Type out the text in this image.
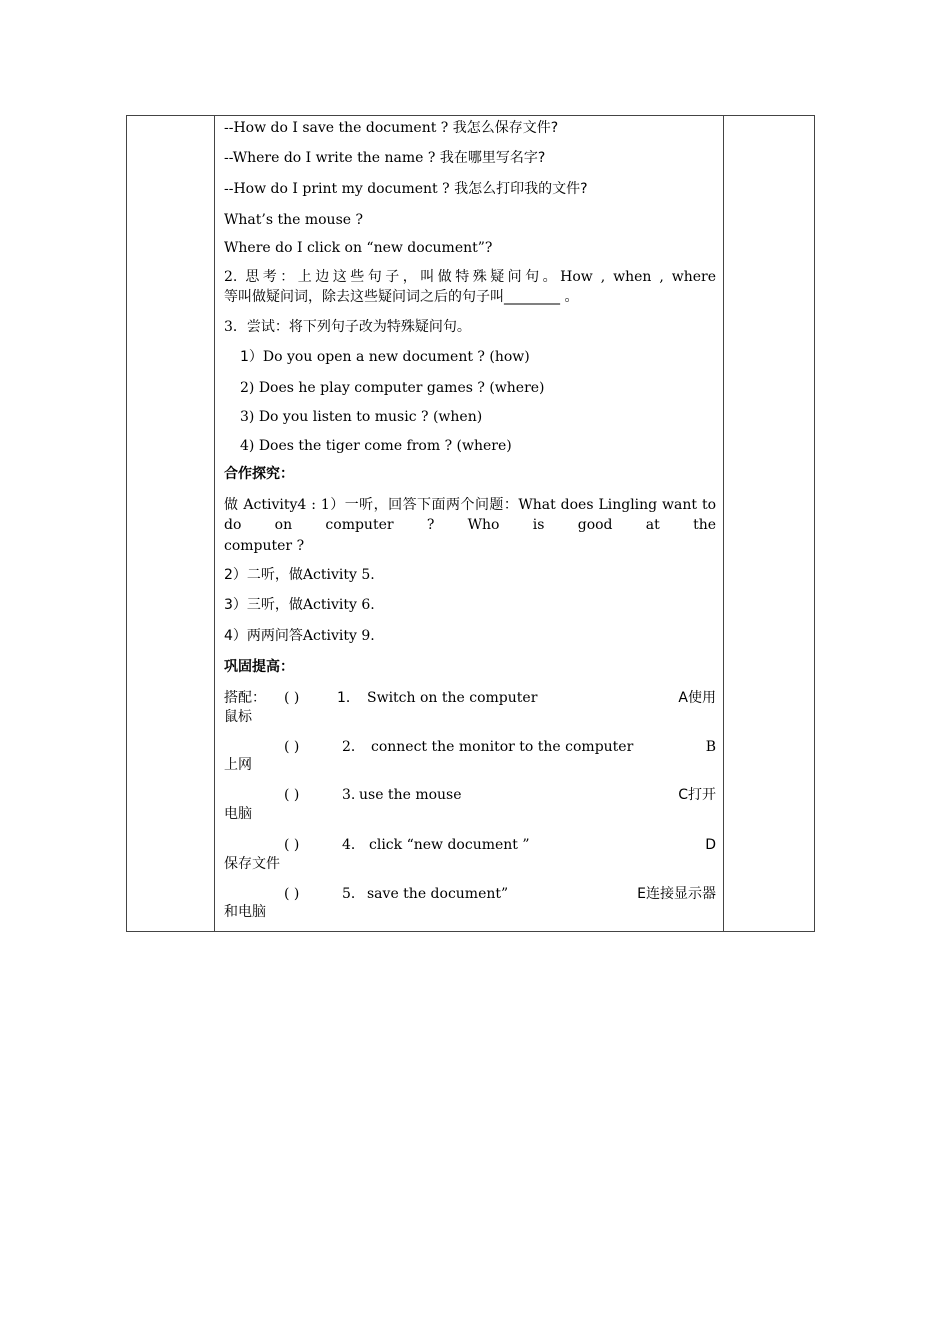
--How do I save the document ? 我怎么保存文件?
--Where do I write the name ? 我在哪里写名字?
--How do I print my document ? 我怎么打印我的文件?
What’s the mouse ?
Where do I click on “new document”?
2. 思考：上边这些句子，叫做特殊疑问句。How , when , where
等叫做疑问词，除去这些疑问词之后的句子叫________ 。
3．尝试：将下列句子改为特殊疑问句。
1）Do you open a new document ? (how)
2) Does he play computer games ? (where)
3) Do you listen to music ? (when)
4) Does the tiger come from ? (where)
合作探究：
做 Activity4 : 1）一听，回答下面两个问题：What does Lingling want to do on computer ? Who is good at the
computer ?
2）二听，做Activity 5.
3）三听，做Activity 6.
4）两两问答Activity 9.
巩固提高：
搭配： ( )	1． Switch on the computer	A使用
鼠标
( )	2． connect the monitor to the computer	B
上网
( )	3. use the mouse	C打开
电脑
( )	4． click “new document ”	D
保存文件
( )	5． save the document”	E连接显示器
和电脑
